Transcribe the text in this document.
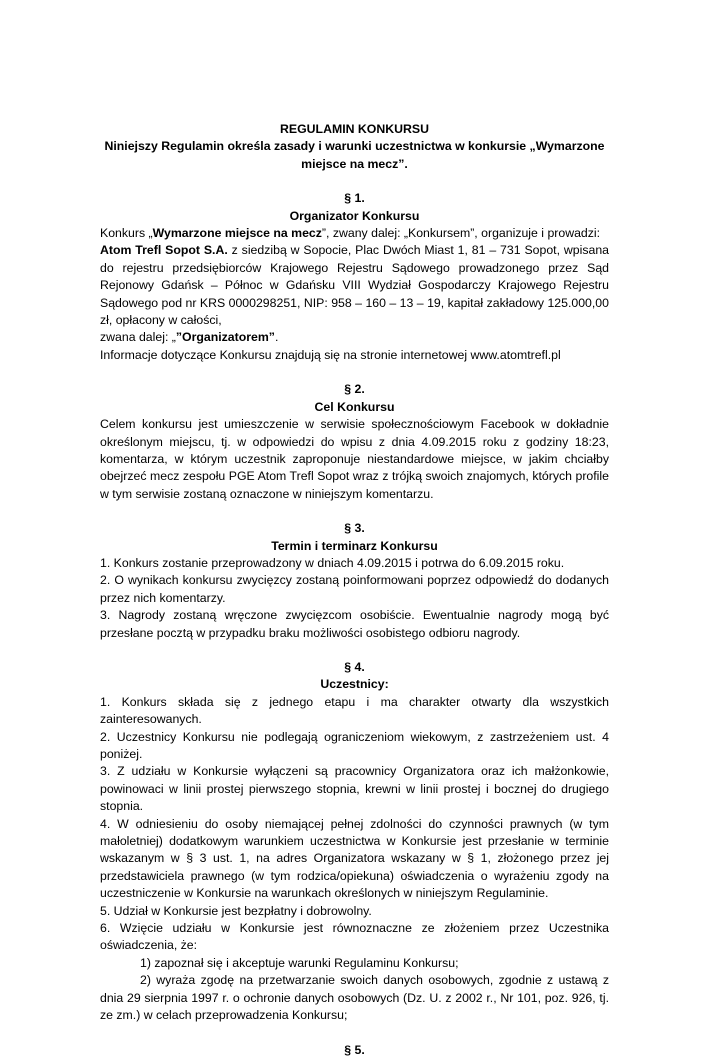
REGULAMIN KONKURSU

Niniejszy Regulamin określa zasady i warunki uczestnictwa w konkursie „Wymarzone miejsce na mecz”.

§ 1.

Organizator Konkursu

Konkurs „Wymarzone miejsce na mecz”, zwany dalej: „Konkursem”, organizuje i prowadzi:

Atom Trefl Sopot S.A. z siedzibą w Sopocie, Plac Dwóch Miast 1, 81 – 731 Sopot, wpisana do rejestru przedsiębiorców Krajowego Rejestru Sądowego prowadzonego przez Sąd Rejonowy Gdańsk – Północ w Gdańsku VIII Wydział Gospodarczy Krajowego Rejestru Sądowego pod nr KRS 0000298251, NIP: 958 – 160 – 13 – 19, kapitał zakładowy 125.000,00 zł, opłacony w całości,

zwana dalej: „”Organizatorem”.

Informacje dotyczące Konkursu znajdują się na stronie internetowej www.atomtrefl.pl

§ 2.

Cel Konkursu

Celem konkursu jest umieszczenie w serwisie społecznościowym Facebook w dokładnie określonym miejscu, tj. w odpowiedzi do wpisu z dnia 4.09.2015 roku z godziny 18:23, komentarza, w którym uczestnik zaproponuje niestandardowe miejsce, w jakim chciałby obejrzeć mecz zespołu PGE Atom Trefl Sopot wraz z trójką swoich znajomych, których profile w tym serwisie zostaną oznaczone w niniejszym komentarzu.

§ 3.

Termin i terminarz Konkursu

1. Konkurs zostanie przeprowadzony w dniach 4.09.2015 i potrwa do 6.09.2015 roku.

2. O wynikach konkursu zwycięzcy zostaną poinformowani poprzez odpowiedź do dodanych przez nich komentarzy.

3. Nagrody zostaną wręczone zwycięzcom osobiście. Ewentualnie nagrody mogą być przesłane pocztą w przypadku braku możliwości osobistego odbioru nagrody.

§ 4.

Uczestnicy:

1. Konkurs składa się z jednego etapu i ma charakter otwarty dla wszystkich zainteresowanych.

2. Uczestnicy Konkursu nie podlegają ograniczeniom wiekowym, z zastrzeżeniem ust. 4 poniżej.

3. Z udziału w Konkursie wyłączeni są pracownicy Organizatora oraz ich małżonkowie, powinowaci w linii prostej pierwszego stopnia, krewni w linii prostej i bocznej do drugiego stopnia.

4. W odniesieniu do osoby niemającej pełnej zdolności do czynności prawnych (w tym małoletniej) dodatkowym warunkiem uczestnictwa w Konkursie jest przesłanie w terminie wskazanym w § 3 ust. 1, na adres Organizatora wskazany w § 1, złożonego przez jej przedstawiciela prawnego (w tym rodzica/opiekuna) oświadczenia o wyrażeniu zgody na uczestniczenie w Konkursie na warunkach określonych w niniejszym Regulaminie.

5. Udział w Konkursie jest bezpłatny i dobrowolny.

6. Wzięcie udziału w Konkursie jest równoznaczne ze złożeniem przez Uczestnika oświadczenia, że:

1) zapoznał się i akceptuje warunki Regulaminu Konkursu;

2) wyraża zgodę na przetwarzanie swoich danych osobowych, zgodnie z ustawą z dnia 29 sierpnia 1997 r. o ochronie danych osobowych (Dz. U. z 2002 r., Nr 101, poz. 926, tj. ze zm.) w celach przeprowadzenia Konkursu;

§ 5.
